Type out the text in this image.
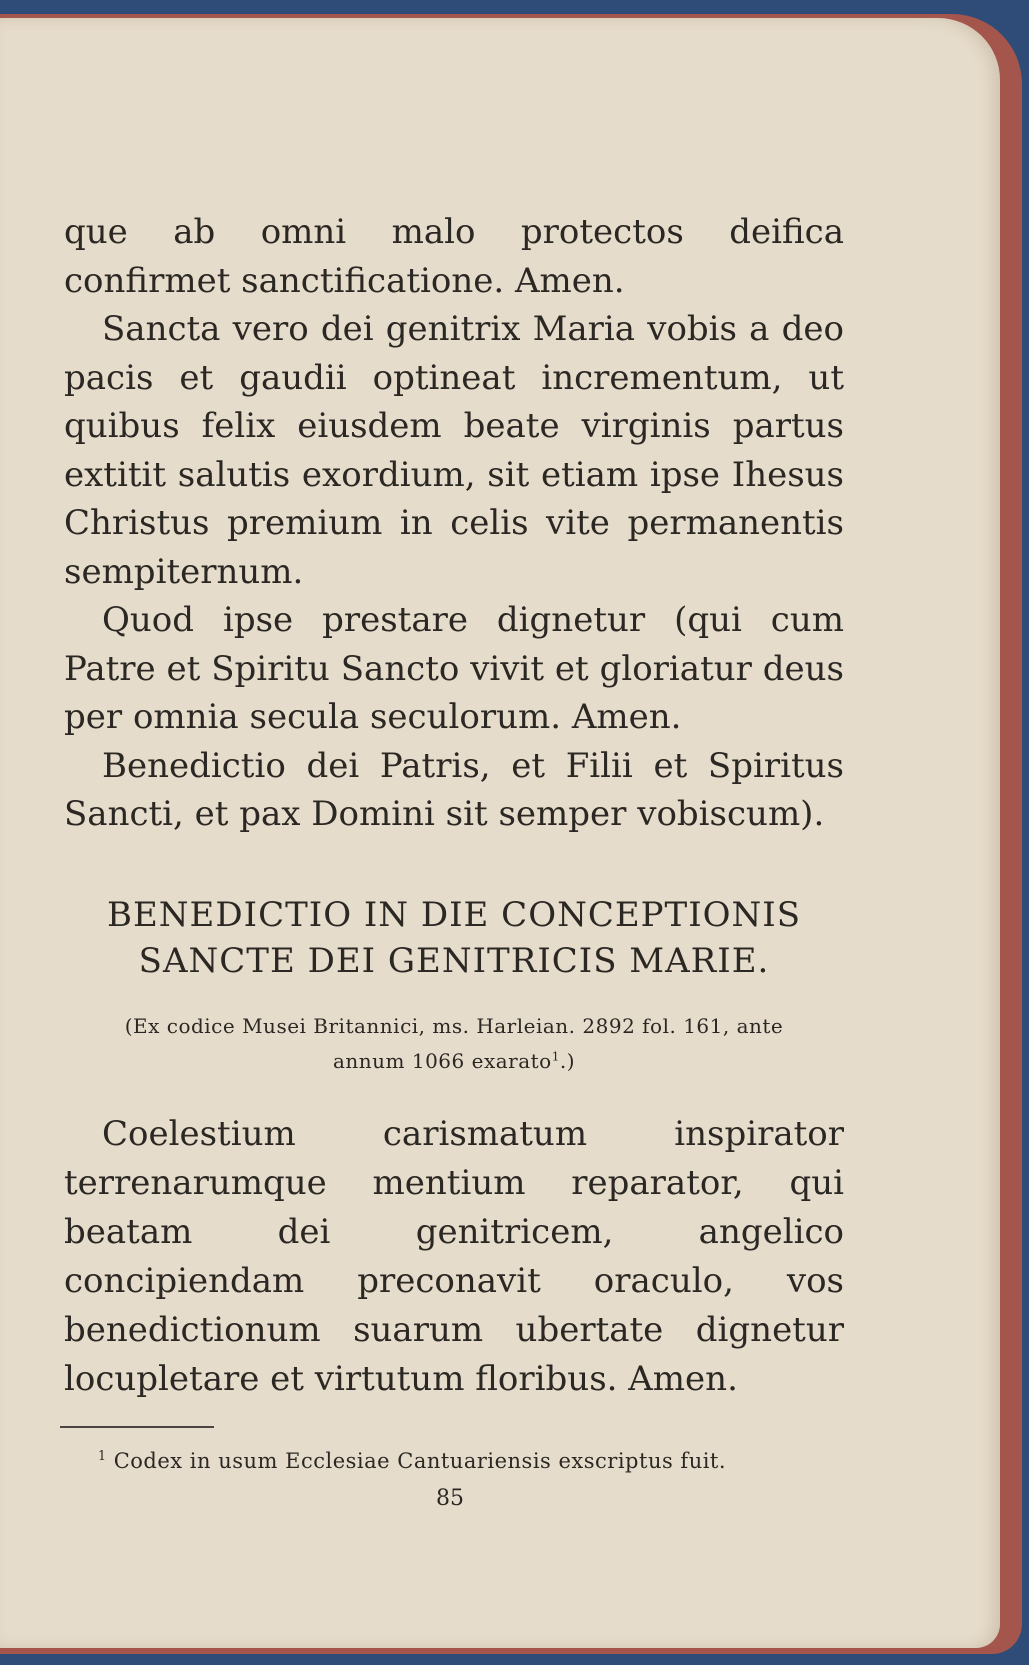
que ab omni malo protectos deifica confirmet sanctificatione. Amen.

Sancta vero dei genitrix Maria vobis a deo pacis et gaudii optineat incrementum, ut quibus felix eiusdem beate virginis partus extitit salutis exordium, sit etiam ipse Ihesus Christus premium in celis vite permanentis sempiternum.

Quod ipse prestare dignetur (qui cum Patre et Spiritu Sancto vivit et gloriatur deus per omnia secula seculorum. Amen.

Benedictio dei Patris, et Filii et Spiritus Sancti, et pax Domini sit semper vobiscum).

BENEDICTIO IN DIE CONCEPTIONIS
SANCTE DEI GENITRICIS MARIE.
(Ex codice Musei Britannici, ms. Harleian. 2892 fol. 161, ante
annum 1066 exarato$^1$.)

Coelestium carismatum inspirator terrenarumque mentium reparator, qui beatam dei genitricem, angelico concipiendam preconavit oraculo, vos benedictionum suarum ubertate dignetur locupletare et virtutum floribus. Amen.

$^1$ Codex in usum Ecclesiae Cantuariensis exscriptus fuit.
85
